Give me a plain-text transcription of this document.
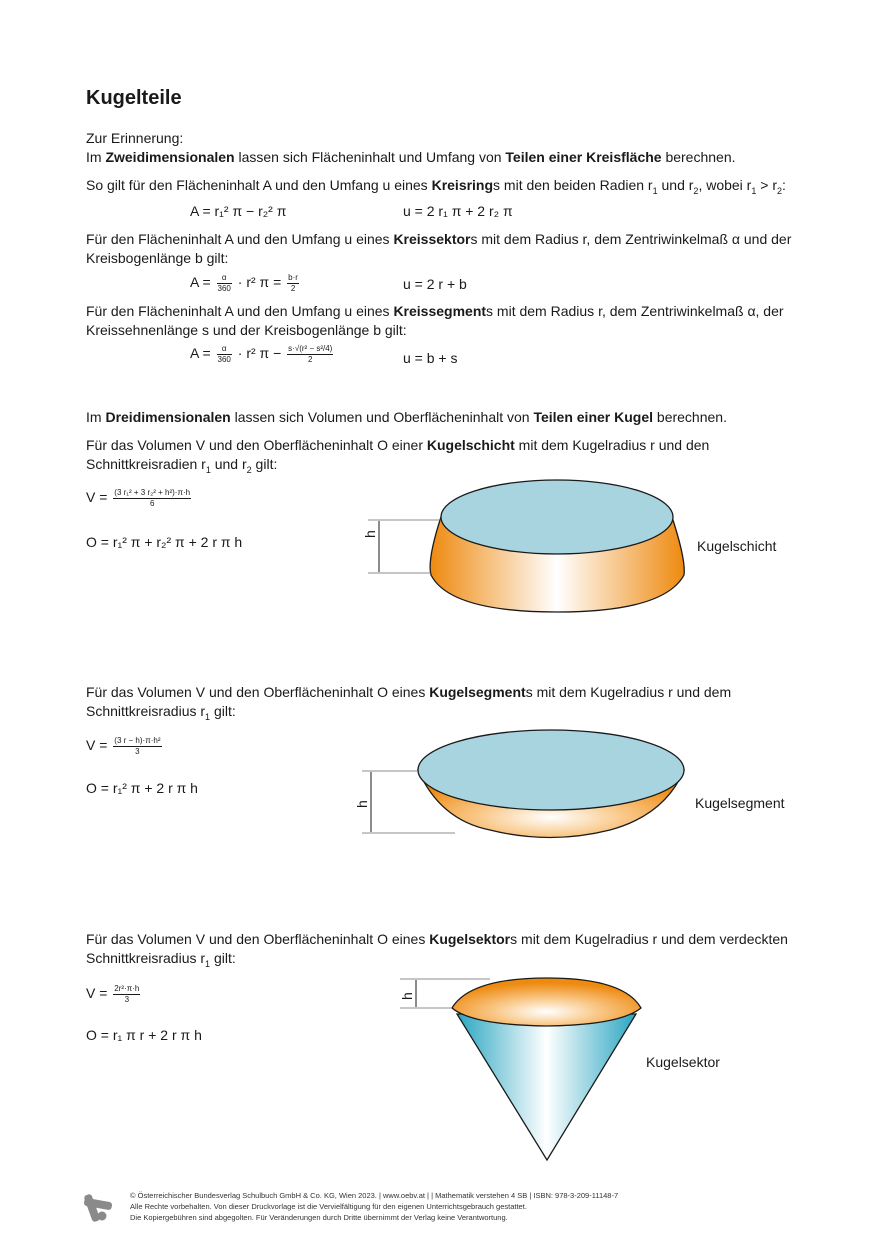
Kugelteile
Zur Erinnerung:
Im Zweidimensionalen lassen sich Flächeninhalt und Umfang von Teilen einer Kreisfläche berechnen.
So gilt für den Flächeninhalt A und den Umfang u eines Kreisrings mit den beiden Radien $r_1$ und $r_2$, wobei $r_1 > r_2$:
A = r₁² π − r₂² π	u = 2 r₁ π + 2 r₂ π
Für den Flächeninhalt A und den Umfang u eines Kreissektors mit dem Radius r, dem Zentriwinkelmaß α und der
Kreisbogenlänge b gilt:
$A = \frac{\alpha}{360} \cdot r^2$ $\pi = \frac{b\cdot r}{2}$	u = 2 r + b
Für den Flächeninhalt A und den Umfang u eines Kreissegments mit dem Radius r, dem Zentriwinkelmaß α, der
Kreissehnenlänge s und der Kreisbogenlänge b gilt:
$A = \frac{\alpha}{360} \cdot r^2$ $\pi - \frac{\text{s·√(r² − s²/4)}}{2}$	u = b + s
Im Dreidimensionalen lassen sich Volumen und Oberflächeninhalt von Teilen einer Kugel berechnen.
Für das Volumen V und den Oberflächeninhalt O einer Kugelschicht mit dem Kugelradius r und den
Schnittkreisradien $r_1$ und $r_2$ gilt:
$V = \frac{\text{(3 r₁² + 3 r₂² + h²)·π·h}}{6}$
O = r₁² π + r₂² π + 2 r π h	h
Kugelschicht
Für das Volumen V und den Oberflächeninhalt O eines Kugelsegments mit dem Kugelradius r und dem
Schnittkreisradius $r_1$ gilt:
$V = \frac{\text{(3 r − h)·π·h²}}{3}$
O = r₁² π + 2 r π h
h	Kugelsegment
Für das Volumen V und den Oberflächeninhalt O eines Kugelsektors mit dem Kugelradius r und dem verdeckten
Schnittkreisradius $r_1$ gilt:
$V = \frac{\text{2r²·π·h}}{3}$
O = r₁ π r + 2 r π h
h
Kugelsektor
© Österreichischer Bundesverlag Schulbuch GmbH & Co. KG, Wien 2023. | www.oebv.at | | Mathematik verstehen 4 SB | ISBN: 978-3-209-11148-7
Alle Rechte vorbehalten. Von dieser Druckvorlage ist die Vervielfältigung für den eigenen Unterrichtsgebrauch gestattet.
Die Kopiergebühren sind abgegolten. Für Veränderungen durch Dritte übernimmt der Verlag keine Verantwortung.
